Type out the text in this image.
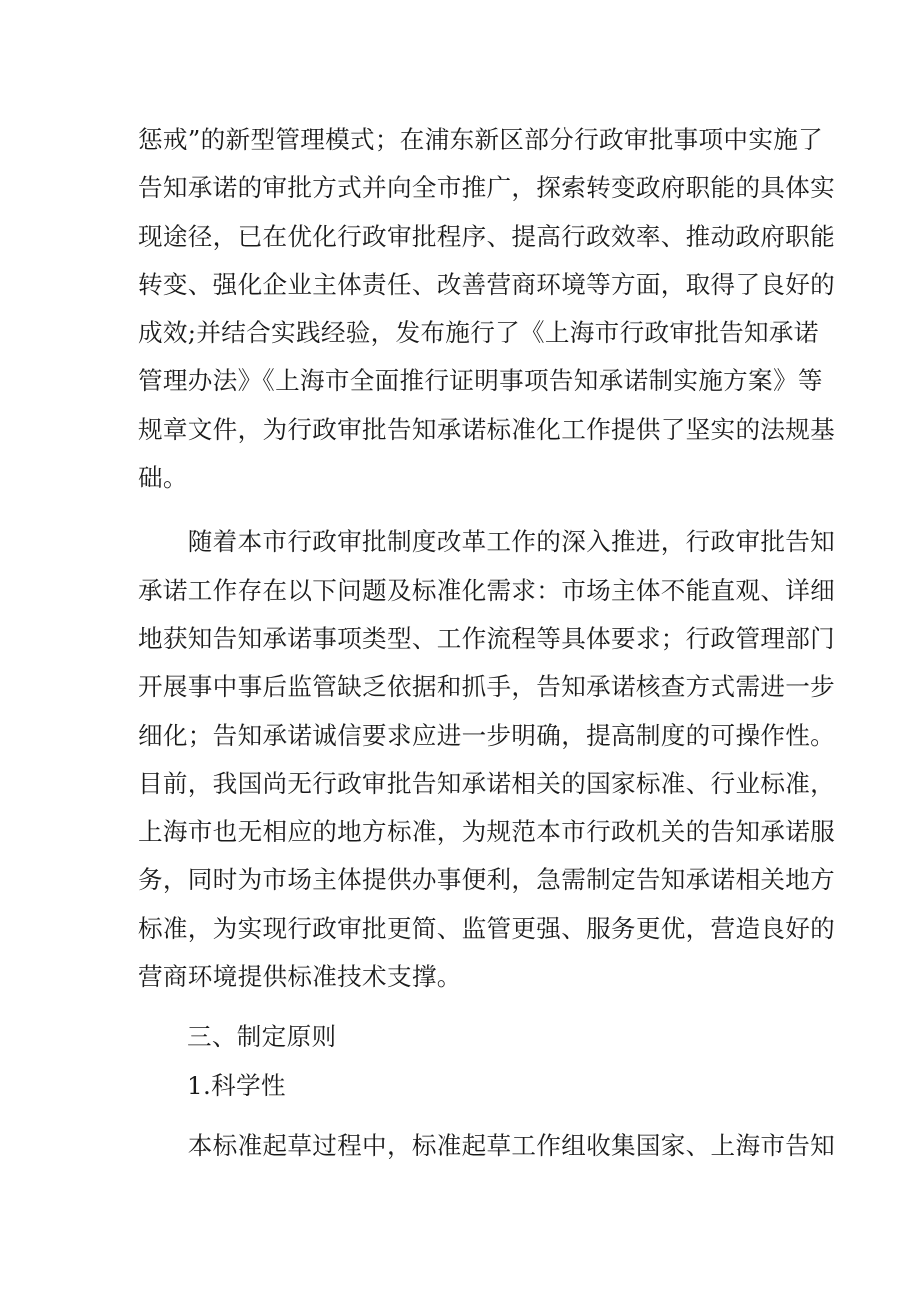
惩戒”的新型管理模式；在浦东新区部分行政审批事项中实施了
告知承诺的审批方式并向全市推广，探索转变政府职能的具体实
现途径，已在优化行政审批程序、提高行政效率、推动政府职能
转变、强化企业主体责任、改善营商环境等方面，取得了良好的
成效;并结合实践经验，发布施行了《上海市行政审批告知承诺
管理办法》《上海市全面推行证明事项告知承诺制实施方案》等
规章文件，为行政审批告知承诺标准化工作提供了坚实的法规基
础。
　　随着本市行政审批制度改革工作的深入推进，行政审批告知
承诺工作存在以下问题及标准化需求：市场主体不能直观、详细
地获知告知承诺事项类型、工作流程等具体要求；行政管理部门
开展事中事后监管缺乏依据和抓手，告知承诺核查方式需进一步
细化；告知承诺诚信要求应进一步明确，提高制度的可操作性。
目前，我国尚无行政审批告知承诺相关的国家标准、行业标准，
上海市也无相应的地方标准，为规范本市行政机关的告知承诺服
务，同时为市场主体提供办事便利，急需制定告知承诺相关地方
标准，为实现行政审批更简、监管更强、服务更优，营造良好的
营商环境提供标准技术支撑。
三、制定原则
1.科学性
　　本标准起草过程中，标准起草工作组收集国家、上海市告知
